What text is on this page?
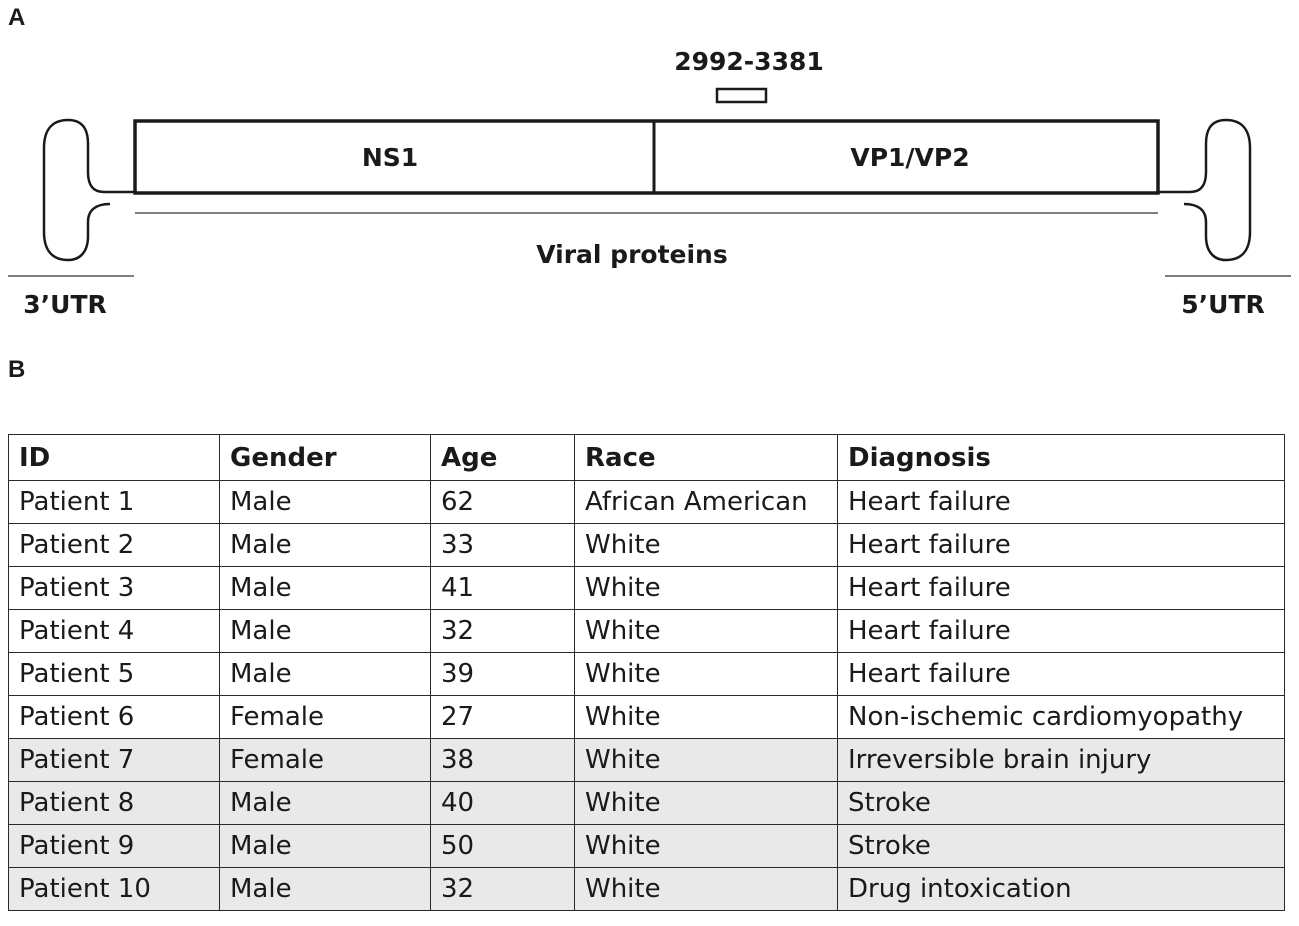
A
2992-3381
NS1	VP1/VP2
Viral proteins
3’UTR	5’UTR
B
ID	Gender	Age	Race	Diagnosis
Patient 1	Male	62	African American	Heart failure
Patient 2	Male	33	White	Heart failure
Patient 3	Male	41	White	Heart failure
Patient 4	Male	32	White	Heart failure
Patient 5	Male	39	White	Heart failure
Patient 6	Female	27	White	Non-ischemic cardiomyopathy
Patient 7	Female	38	White	Irreversible brain injury
Patient 8	Male	40	White	Stroke
Patient 9	Male	50	White	Stroke
Patient 10	Male	32	White	Drug intoxication
